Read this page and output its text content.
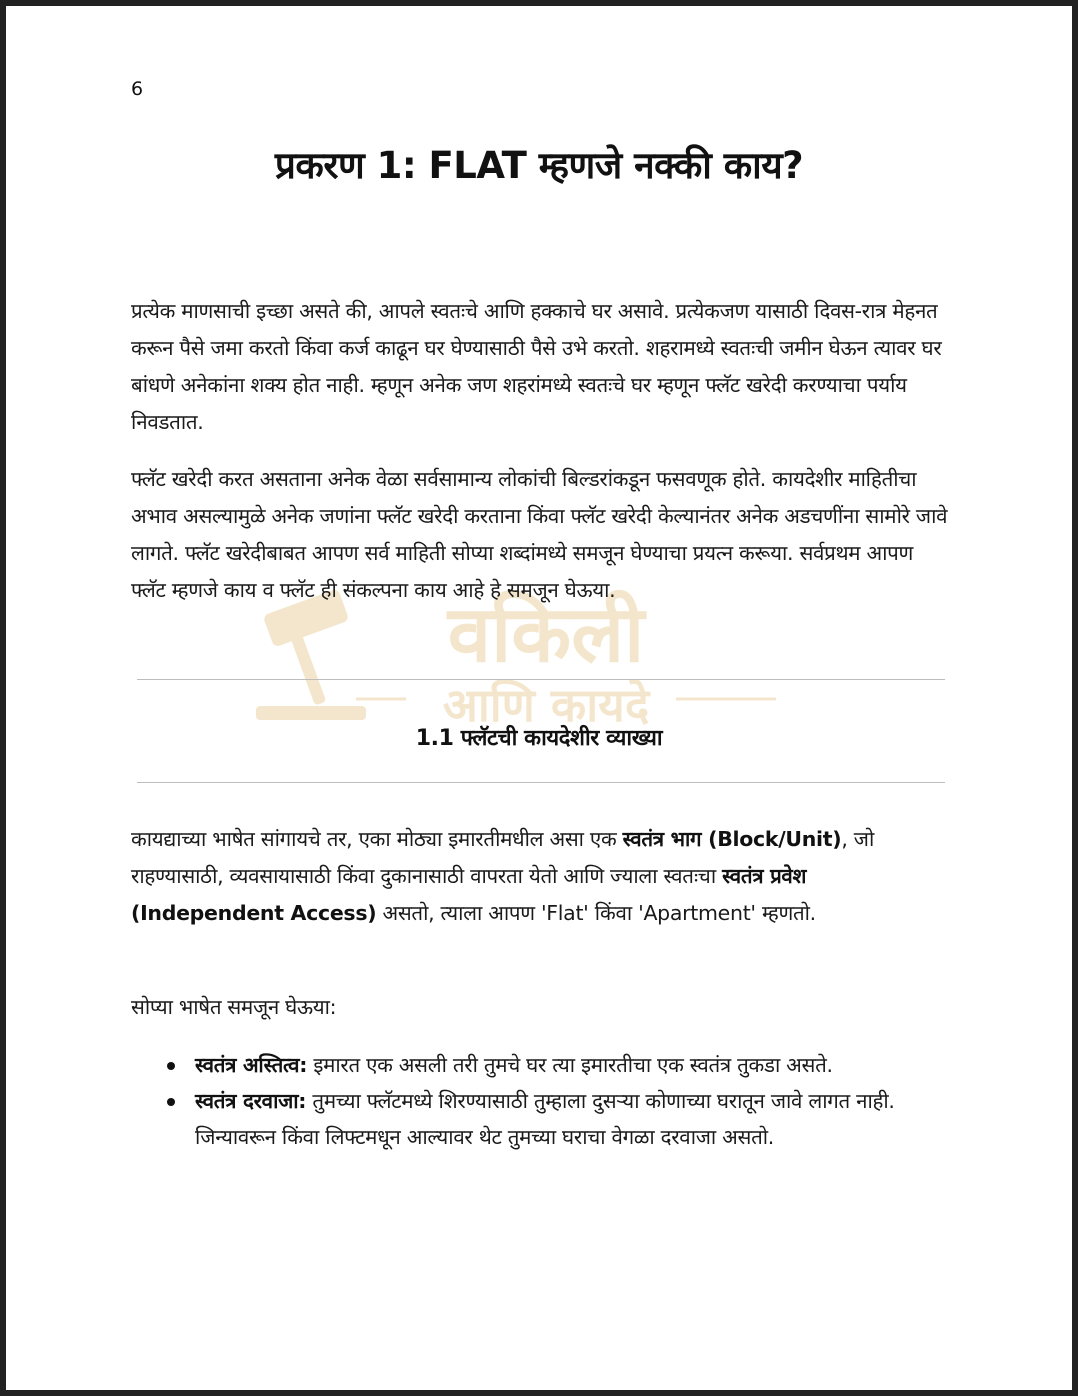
वकिली
आणि कायदे
6
प्रकरण 1: FLAT म्हणजे नक्की काय?

प्रत्येक माणसाची इच्छा असते की, आपले स्वतःचे आणि हक्काचे घर असावे. प्रत्येकजण यासाठी दिवस-रात्र मेहनत करून पैसे जमा करतो किंवा कर्ज काढून घर घेण्यासाठी पैसे उभे करतो. शहरामध्ये स्वतःची जमीन घेऊन त्यावर घर बांधणे अनेकांना शक्य होत नाही. म्हणून अनेक जण शहरांमध्ये स्वतःचे घर म्हणून फ्लॅट खरेदी करण्याचा पर्याय निवडतात.

फ्लॅट खरेदी करत असताना अनेक वेळा सर्वसामान्य लोकांची बिल्डरांकडून फसवणूक होते. कायदेशीर माहितीचा अभाव असल्यामुळे अनेक जणांना फ्लॅट खरेदी करताना किंवा फ्लॅट खरेदी केल्यानंतर अनेक अडचणींना सामोरे जावे लागते. फ्लॅट खरेदीबाबत आपण सर्व माहिती सोप्या शब्दांमध्ये समजून घेण्याचा प्रयत्न करूया. सर्वप्रथम आपण फ्लॅट म्हणजे काय व फ्लॅट ही संकल्पना काय आहे हे समजून घेऊया.

1.1 फ्लॅटची कायदेशीर व्याख्या

कायद्याच्या भाषेत सांगायचे तर, एका मोठ्या इमारतीमधील असा एक स्वतंत्र भाग (Block/Unit), जो राहण्यासाठी, व्यवसायासाठी किंवा दुकानासाठी वापरता येतो आणि ज्याला स्वतःचा स्वतंत्र प्रवेश (Independent Access) असतो, त्याला आपण 'Flat' किंवा 'Apartment' म्हणतो.

सोप्या भाषेत समजून घेऊया:

स्वतंत्र अस्तित्व: इमारत एक असली तरी तुमचे घर त्या इमारतीचा एक स्वतंत्र तुकडा असते.
स्वतंत्र दरवाजा: तुमच्या फ्लॅटमध्ये शिरण्यासाठी तुम्हाला दुसऱ्या कोणाच्या घरातून जावे लागत नाही. जिन्यावरून किंवा लिफ्टमधून आल्यावर थेट तुमच्या घराचा वेगळा दरवाजा असतो.
